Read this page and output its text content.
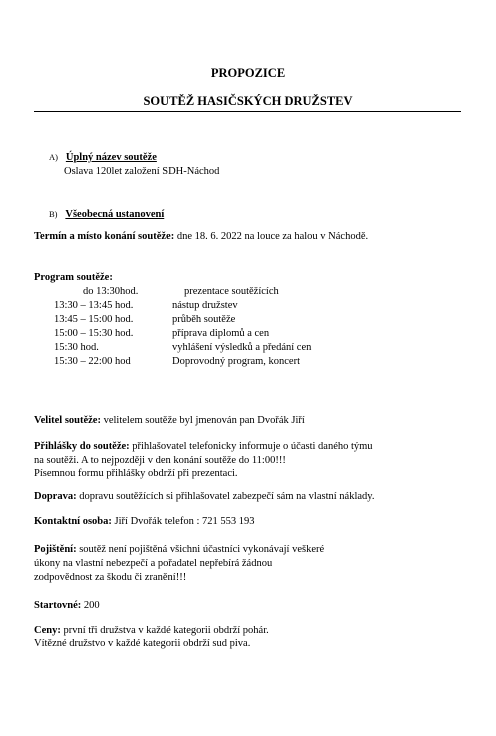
PROPOZICE
SOUTĚŽ HASIČSKÝCH DRUŽSTEV
A) Úplný název soutěže
Oslava 120let založení SDH-Náchod
B) Všeobecná ustanovení
Termín a místo konání soutěže: dne 18. 6. 2022 na louce za halou v Náchodě.
Program soutěže:
do 13:30hod.	prezentace soutěžících
13:30 – 13:45 hod.	nástup družstev
13:45 – 15:00 hod.	průběh soutěže
15:00 – 15:30 hod.	příprava diplomů a cen
15:30 hod.	vyhlášení výsledků a předání cen
15:30 – 22:00 hod	Doprovodný program, koncert
Velitel soutěže: velitelem soutěže byl jmenován pan Dvořák Jiří
Přihlášky do soutěže: přihlašovatel telefonicky informuje o účasti daného týmu
na soutěži. A to nejpozději v den konání soutěže do 11:00!!!
Písemnou formu přihlášky obdrží při prezentaci.
Doprava: dopravu soutěžících si přihlašovatel zabezpečí sám na vlastní náklady.
Kontaktní osoba: Jiří Dvořák telefon : 721 553 193
Pojištění: soutěž není pojištěná všichni účastníci vykonávají veškeré
úkony na vlastní nebezpečí a pořadatel nepřebírá žádnou
zodpovědnost za škodu či zranění!!!
Startovné: 200
Ceny: první tři družstva v každé kategorii obdrží pohár.
Vítězné družstvo v každé kategorii obdrží sud piva.
